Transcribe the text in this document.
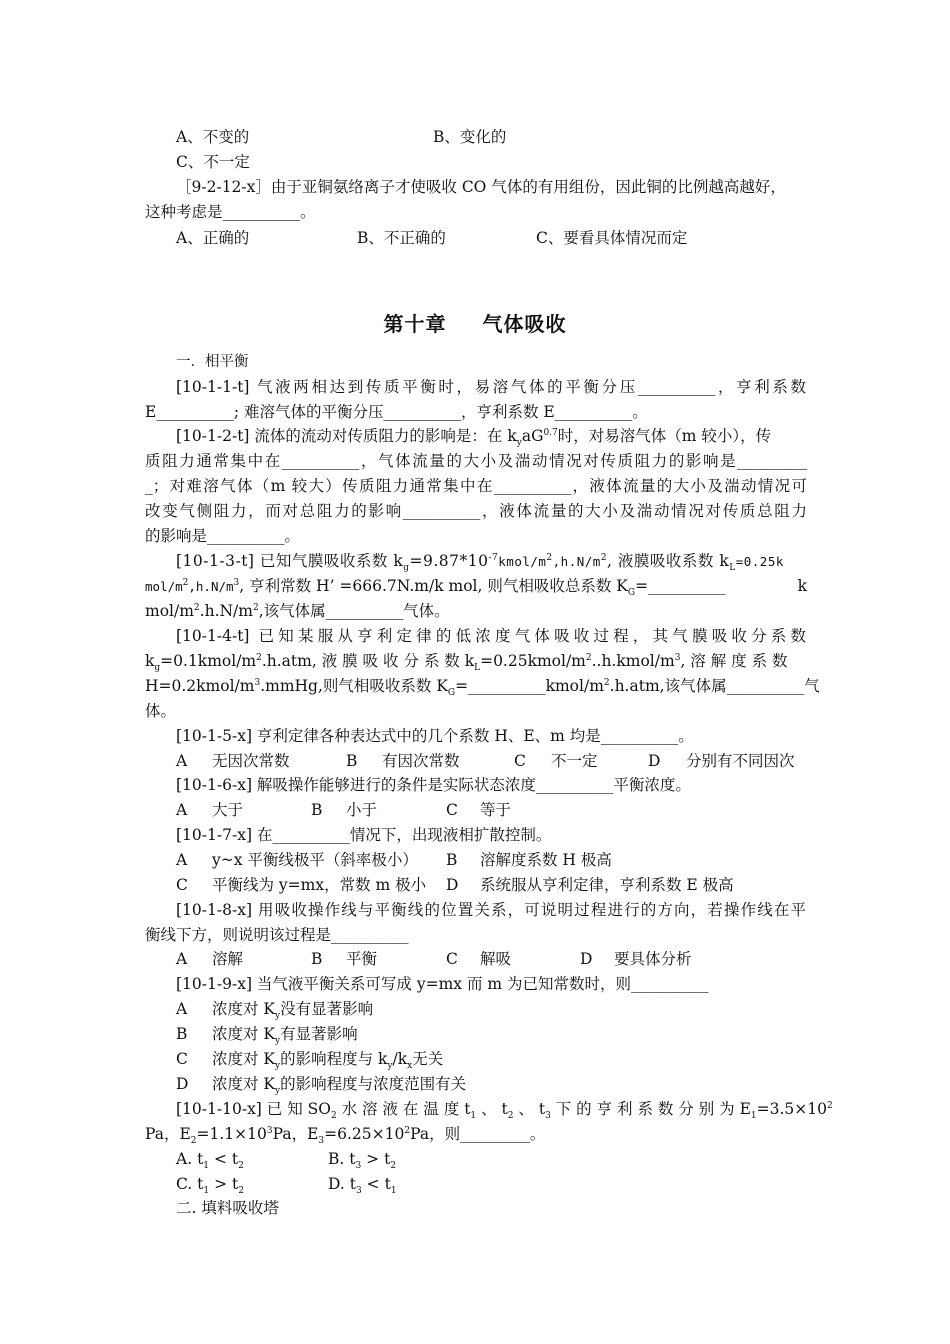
A、不变的	B、变化的
C、不一定
［9-2-12-x］由于亚铜氨络离子才使吸收 CO 气体的有用组份，因此铜的比例越高越好，
这种考虑是__________。
A、正确的	B、不正确的	C、要看具体情况而定
第十章 气体吸收
一．相平衡
[10-1-1-t] 气液两相达到传质平衡时，易溶气体的平衡分压__________，亨利系数
E__________; 难溶气体的平衡分压__________，亨利系数 E__________。
[10-1-2-t] 流体的流动对传质阻力的影响是：在 $k_yaG^{0.7}$时，对易溶气体（m 较小），传
质阻力通常集中在__________，气体流量的大小及湍动情况对传质阻力的影响是_________
_；对难溶气体（m 较大）传质阻力通常集中在__________，液体流量的大小及湍动情况可
改变气侧阻力，而对总阻力的影响__________，液体流量的大小及湍动情况对传质总阻力
的影响是__________。
[10-1-3-t] 已知气膜吸收系数 $k_g=9.87*10^{-7}kmol/m^2,h.N/m^2$, 液膜吸收系数 $k_L=0.25k$
mol/$m^2,h.N/m^3$, 亨利常数 H’ =666.7N.m/k mol, 则气相吸收总系数 $K_G=\_\_\_\_\_\_\_\_\_\_$	k
mol/$m^2.h.N/m^2$,该气体属__________气体。
[10-1-4-t] 已知某服从亨利定律的低浓度气体吸收过程，其气膜吸收分系数
$k_g=0.1kmol/m^2.h.atm$, 液 膜 吸 收 分 系 数 $k_L=0.25kmol/m^2..h.kmol/m^3$, 溶 解 度 系 数
$H=0.2kmol/m^3.mmHg$,则气相吸收系数 $K_G=\_\_\_\_\_\_\_\_\_\_kmol/m^2.h.atm$,该气体属__________气
体。
[10-1-5-x] 亨利定律各种表达式中的几个系数 H、E、m 均是__________。
A 无因次常数	B 有因次常数	C 不一定	D 分别有不同因次
[10-1-6-x] 解吸操作能够进行的条件是实际状态浓度__________平衡浓度。
A 大于	B 小于	C 等于
[10-1-7-x] 在__________情况下，出现液相扩散控制。
A y~x 平衡线极平（斜率极小） B 溶解度系数 H 极高
C 平衡线为 y=mx，常数 m 极小 D 系统服从亨利定律，亨利系数 E 极高
[10-1-8-x] 用吸收操作线与平衡线的位置关系，可说明过程进行的方向，若操作线在平
衡线下方，则说明该过程是__________
A 溶解	B 平衡	C 解吸	D 要具体分析
[10-1-9-x] 当气液平衡关系可写成 y=mx 而 m 为已知常数时，则__________
A 浓度对 $K_y$没有显著影响
B 浓度对 $K_y$有显著影响
C 浓度对 $K_y$的影响程度与 $k_y/k_x$无关
D 浓度对 $K_y$的影响程度与浓度范围有关
[10-1-10-x] 已 知 $SO_2$ 水 溶 液 在 温 度 $t_1$ 、 $t_2$ 、 $t_3$ 下 的 亨 利 系 数 分 别 为 $E_1=3.5\times 10^2$
Pa，$E_2=1.1\times 10^3Pa$，$E_3=6.25\times 10^2Pa$，则_________。
A. $t_1 < t_2$	B. $t_3 > t_2$
C. $t_1 > t_2$	D. $t_3 < t_1$
二. 填料吸收塔
